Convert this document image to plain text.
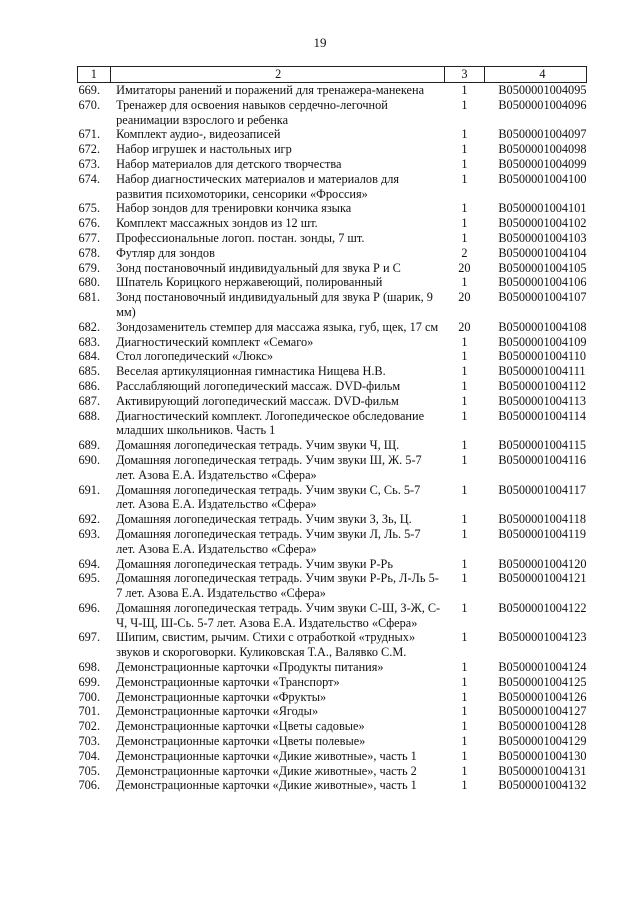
19
1	2	3	4
669.	Имитаторы ранений и поражений для тренажера-манекена	1	B0500001004095
670.	Тренажер для освоения навыков сердечно-легочной реанимации взрослого и ребенка	1	B0500001004096
671.	Комплект аудио-, видеозаписей	1	B0500001004097
672.	Набор игрушек и настольных игр	1	B0500001004098
673.	Набор материалов для детского творчества	1	B0500001004099
674.	Набор диагностических материалов и материалов для развития психомоторики, сенсорики «Фроссия»	1	B0500001004100
675.	Набор зондов для тренировки кончика языка	1	B0500001004101
676.	Комплект массажных зондов из 12 шт.	1	B0500001004102
677.	Профессиональные логоп. постан. зонды, 7 шт.	1	B0500001004103
678.	Футляр для зондов	2	B0500001004104
679.	Зонд постановочный индивидуальный для звука Р и С	20	B0500001004105
680.	Шпатель Корицкого нержавеющий, полированный	1	B0500001004106
681.	Зонд постановочный индивидуальный для звука Р (шарик, 9 мм)	20	B0500001004107
682.	Зондозаменитель стемпер для массажа языка, губ, щек, 17 см	20	B0500001004108
683.	Диагностический комплект «Семаго»	1	B0500001004109
684.	Стол логопедический «Люкс»	1	B0500001004110
685.	Веселая артикуляционная гимнастика Нищева Н.В.	1	B0500001004111
686.	Расслабляющий логопедический массаж. DVD-фильм	1	B0500001004112
687.	Активирующий логопедический массаж. DVD-фильм	1	B0500001004113
688.	Диагностический комплект. Логопедическое обследование младших школьников. Часть 1	1	B0500001004114
689.	Домашняя логопедическая тетрадь. Учим звуки Ч, Щ.	1	B0500001004115
690.	Домашняя логопедическая тетрадь. Учим звуки Ш, Ж. 5-7 лет. Азова Е.А. Издательство «Сфера»	1	B0500001004116
691.	Домашняя логопедическая тетрадь. Учим звуки С, Сь. 5-7 лет. Азова Е.А. Издательство «Сфера»	1	B0500001004117
692.	Домашняя логопедическая тетрадь. Учим звуки З, Зь, Ц.	1	B0500001004118
693.	Домашняя логопедическая тетрадь. Учим звуки Л, Ль. 5-7 лет. Азова Е.А. Издательство «Сфера»	1	B0500001004119
694.	Домашняя логопедическая тетрадь. Учим звуки Р-Рь	1	B0500001004120
695.	Домашняя логопедическая тетрадь. Учим звуки Р-Рь, Л-Ль 5-7 лет. Азова Е.А. Издательство «Сфера»	1	B0500001004121
696.	Домашняя логопедическая тетрадь. Учим звуки С-Ш, З-Ж, С-Ч, Ч-Щ, Ш-Сь. 5-7 лет. Азова Е.А. Издательство «Сфера»	1	B0500001004122
697.	Шипим, свистим, рычим. Стихи с отработкой «трудных» звуков и скороговорки. Куликовская Т.А., Валявко С.М.	1	B0500001004123
698.	Демонстрационные карточки «Продукты питания»	1	B0500001004124
699.	Демонстрационные карточки «Транспорт»	1	B0500001004125
700.	Демонстрационные карточки «Фрукты»	1	B0500001004126
701.	Демонстрационные карточки «Ягоды»	1	B0500001004127
702.	Демонстрационные карточки «Цветы садовые»	1	B0500001004128
703.	Демонстрационные карточки «Цветы полевые»	1	B0500001004129
704.	Демонстрационные карточки «Дикие животные», часть 1	1	B0500001004130
705.	Демонстрационные карточки «Дикие животные», часть 2	1	B0500001004131
706.	Демонстрационные карточки «Дикие животные», часть 1	1	B0500001004132
